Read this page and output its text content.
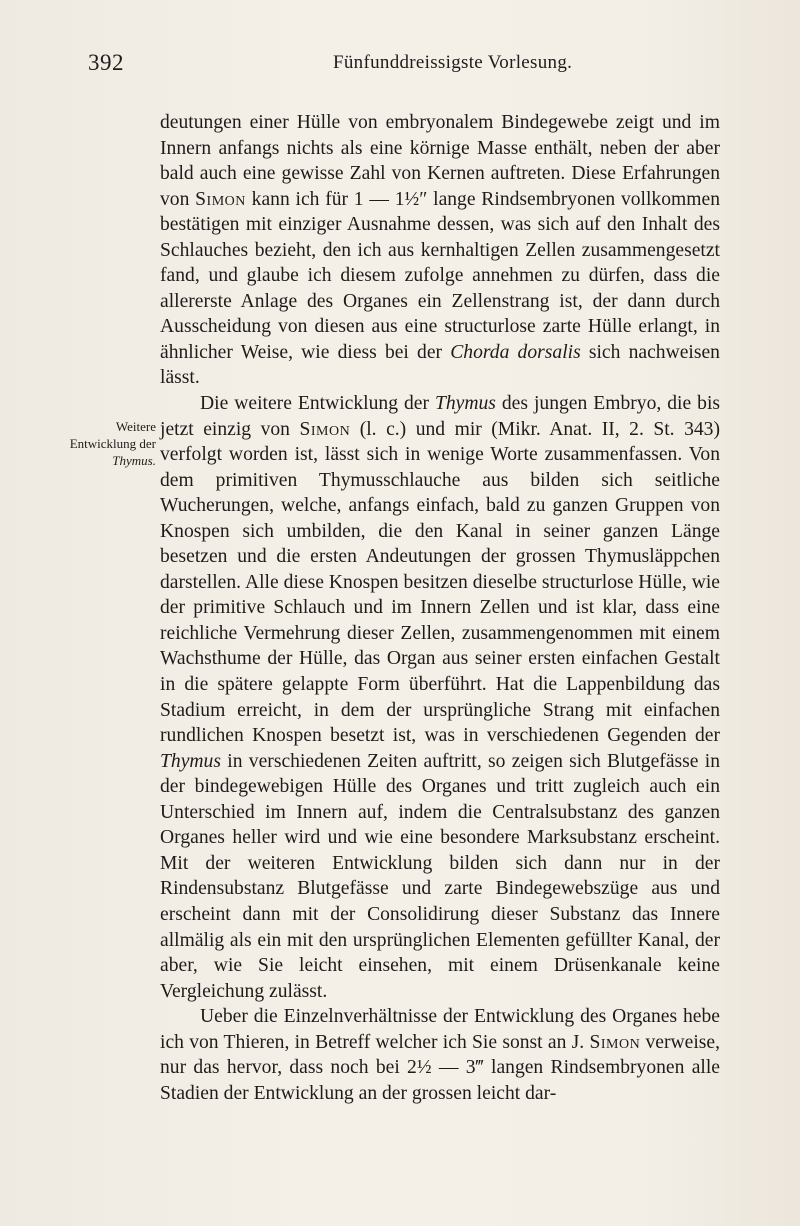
392	Fünfunddreissigste Vorlesung.
Weitere
Entwicklung der
Thymus.

deutungen einer Hülle von embryonalem Bindegewebe zeigt und im Innern anfangs nichts als eine körnige Masse enthält, neben der aber bald auch eine gewisse Zahl von Kernen auftreten. Diese Erfahrungen von Simon kann ich für 1 — 1½″ lange Rindsembryonen vollkommen bestätigen mit einziger Ausnahme dessen, was sich auf den Inhalt des Schlauches bezieht, den ich aus kernhaltigen Zellen zusammengesetzt fand, und glaube ich diesem zufolge annehmen zu dürfen, dass die allererste Anlage des Organes ein Zellenstrang ist, der dann durch Ausscheidung von diesen aus eine structurlose zarte Hülle erlangt, in ähnlicher Weise, wie diess bei der Chorda dorsalis sich nachweisen lässt.

Die weitere Entwicklung der Thymus des jungen Embryo, die bis jetzt einzig von Simon (l. c.) und mir (Mikr. Anat. II, 2. St. 343) verfolgt worden ist, lässt sich in wenige Worte zusammenfassen. Von dem primitiven Thymusschlauche aus bilden sich seitliche Wucherungen, welche, anfangs einfach, bald zu ganzen Gruppen von Knospen sich umbilden, die den Kanal in seiner ganzen Länge besetzen und die ersten Andeutungen der grossen Thymusläppchen darstellen. Alle diese Knospen besitzen dieselbe structurlose Hülle, wie der primitive Schlauch und im Innern Zellen und ist klar, dass eine reichliche Vermehrung dieser Zellen, zusammengenommen mit einem Wachsthume der Hülle, das Organ aus seiner ersten einfachen Gestalt in die spätere gelappte Form überführt. Hat die Lappenbildung das Stadium erreicht, in dem der ursprüngliche Strang mit einfachen rundlichen Knospen besetzt ist, was in verschiedenen Gegenden der Thymus in verschiedenen Zeiten auftritt, so zeigen sich Blutgefässe in der bindegewebigen Hülle des Organes und tritt zugleich auch ein Unterschied im Innern auf, indem die Centralsubstanz des ganzen Organes heller wird und wie eine besondere Marksubstanz erscheint. Mit der weiteren Entwicklung bilden sich dann nur in der Rindensubstanz Blutgefässe und zarte Bindegewebszüge aus und erscheint dann mit der Consolidirung dieser Substanz das Innere allmälig als ein mit den ursprünglichen Elementen gefüllter Kanal, der aber, wie Sie leicht einsehen, mit einem Drüsenkanale keine Vergleichung zulässt.

Ueber die Einzelnverhältnisse der Entwicklung des Organes hebe ich von Thieren, in Betreff welcher ich Sie sonst an J. Simon verweise, nur das hervor, dass noch bei 2½ — 3‴ langen Rindsembryonen alle Stadien der Entwicklung an der grossen leicht dar-
